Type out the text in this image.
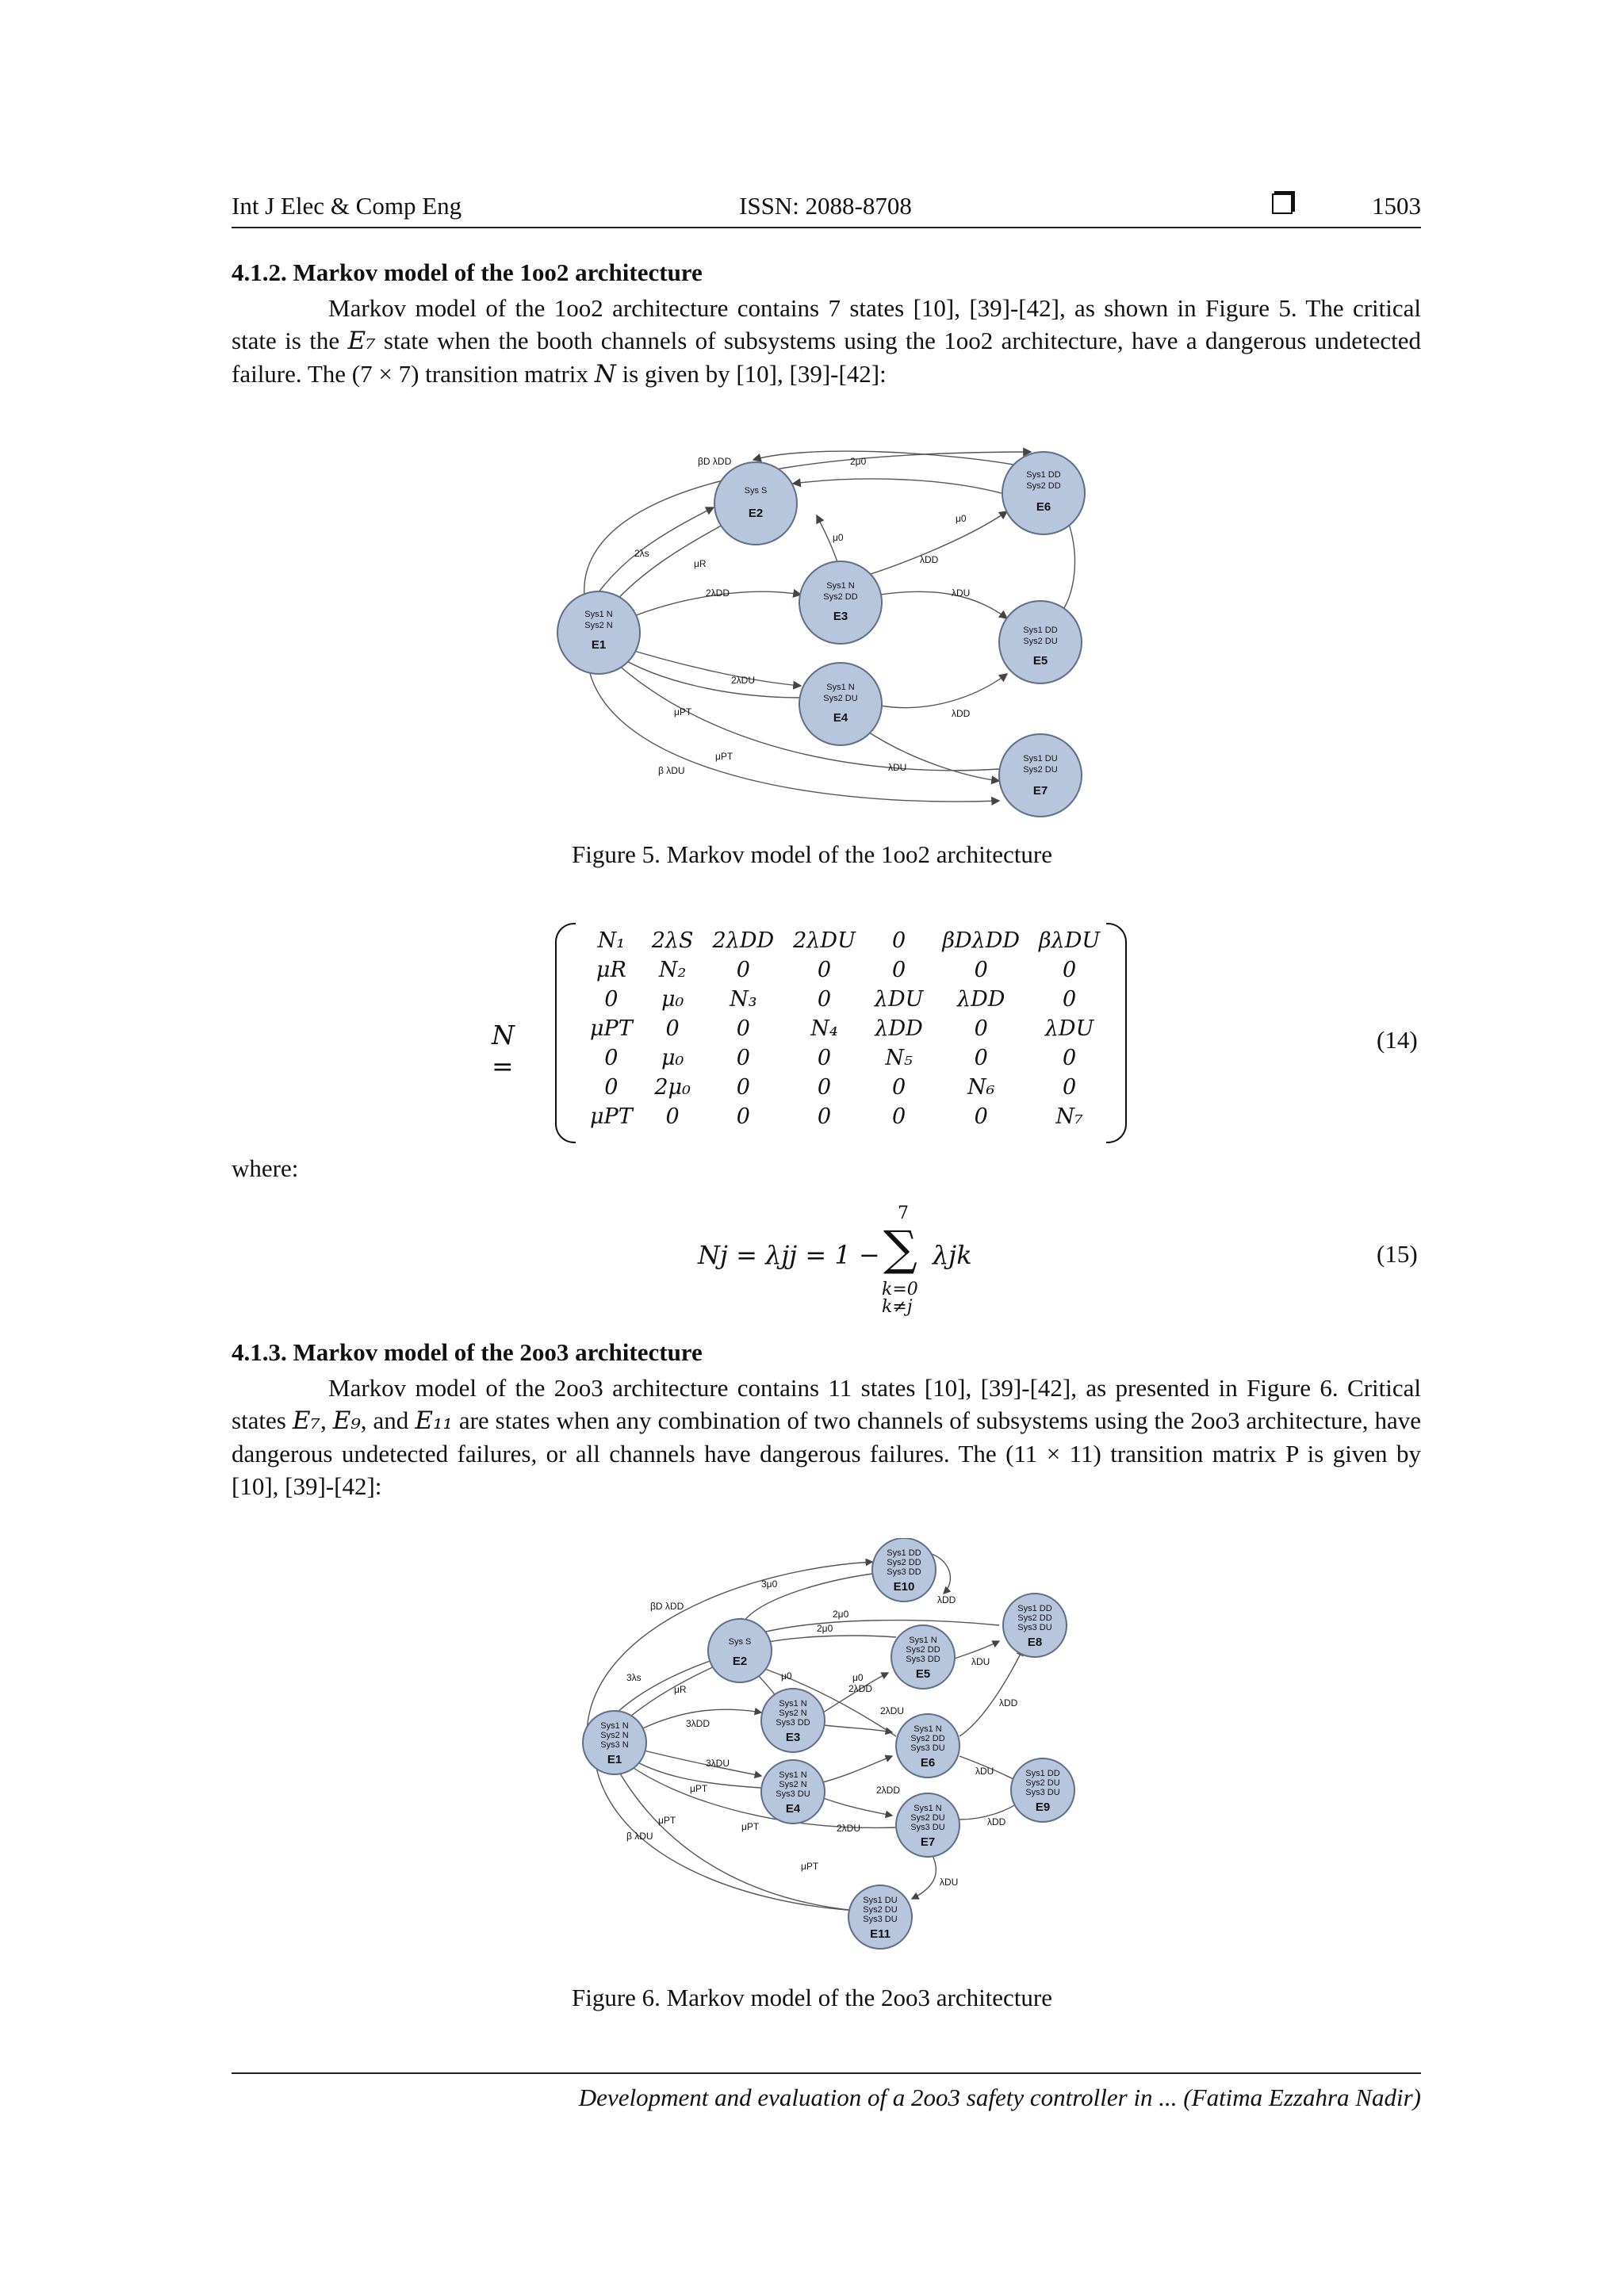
Int J Elec & Comp Eng	ISSN: 2088-8708	1503
4.1.2. Markov model of the 1oo2 architecture

Markov model of the 1oo2 architecture contains 7 states [10], [39]-[42], as shown in Figure 5. The critical state is the E₇ state when the booth channels of subsystems using the 1oo2 architecture, have a dangerous undetected failure. The (7 × 7) transition matrix N is given by [10], [39]-[42]:

Sys1 N
Sys2 N
E1
Sys S
E2
Sys1 N
Sys2 DD
E3
Sys1 N
Sys2 DU
E4
Sys1 DD
Sys2 DU
E5
Sys1 DD
Sys2 DD
E6
Sys1 DU
Sys2 DU
E7
βD λDD	2μ0
2λs
μR
μ0
μ0
λDD
2λDD	λDU
2λDU
μPT	λDD
μPT
β λDU	λDU
Figure 5. Markov model of the 1oo2 architecture
N =
N₁	2λS	2λDD	2λDU	0	βDλDD	βλDU
μR	N₂	0	0	0	0	0
0	μ₀	N₃	0	λDU	λDD	0
μPT	0	0	N₄	λDD	0	λDU
0	μ₀	0	0	N₅	0	0
0	2μ₀	0	0	0	N₆	0
μPT	0	0	0	0	0	N₇
(14)
where:
Nj = λjj = 1 −
7
∑ λjk
k=0
k≠j
(15)
4.1.3. Markov model of the 2oo3 architecture

Markov model of the 2oo3 architecture contains 11 states [10], [39]-[42], as presented in Figure 6. Critical states E₇, E₉, and E₁₁ are states when any combination of two channels of subsystems using the 2oo3 architecture, have dangerous undetected failures, or all channels have dangerous failures. The (11 × 11) transition matrix P is given by [10], [39]-[42]:

Sys1 N
Sys2 N
Sys3 N
E1
Sys S
E2
Sys1 N
Sys2 N
Sys3 DD
E3
Sys1 N
Sys2 N
Sys3 DU
E4
Sys1 N
Sys2 DD
Sys3 DD
E5
Sys1 N
Sys2 DD
Sys3 DU
E6
Sys1 N
Sys2 DU
Sys3 DU
E7
Sys1 DD
Sys2 DD
Sys3 DU
E8
Sys1 DD
Sys2 DU
Sys3 DU
E9
Sys1 DD
Sys2 DD
Sys3 DD
E10
Sys1 DU
Sys2 DU
Sys3 DU
E11
βD λDD
3μ0
λDD
2μ0
2μ0
3λs
μR
μ0	μ0
λDU
3λDD
2λDD
2λDU
λDD
3λDU
λDU
μPT	2λDD
2λDU
λDD
μPT
β λDU
μPT
μPT
λDU
Figure 6. Markov model of the 2oo3 architecture
Development and evaluation of a 2oo3 safety controller in ... (Fatima Ezzahra Nadir)
